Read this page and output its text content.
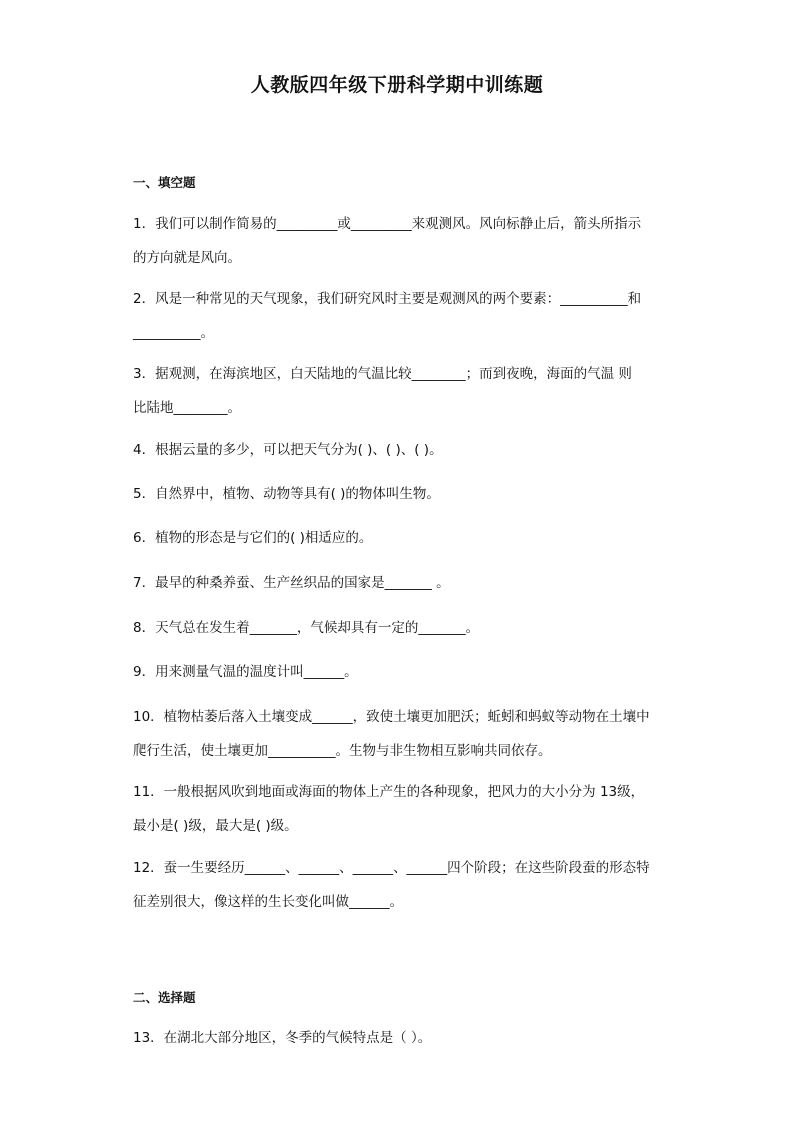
人教版四年级下册科学期中训练题
一、填空题
1．我们可以制作简易的_________或_________来观测风。风向标静止后，箭头所指示
的方向就是风向。
2．风是一种常见的天气现象，我们研究风时主要是观测风的两个要素：__________和
__________。
3．据观测，在海滨地区，白天陆地的气温比较________；而到夜晚，海面的气温 则
比陆地________。
4．根据云量的多少，可以把天气分为( )、( )、( )。
5．自然界中，植物、动物等具有( )的物体叫生物。
6．植物的形态是与它们的( )相适应的。
7．最早的种桑养蚕、生产丝织品的国家是_______ 。
8．天气总在发生着_______，气候却具有一定的_______。
9．用来测量气温的温度计叫______。
10．植物枯萎后落入土壤变成______，致使土壤更加肥沃；蚯蚓和蚂蚁等动物在土壤中
爬行生活，使土壤更加__________。生物与非生物相互影响共同依存。
11．一般根据风吹到地面或海面的物体上产生的各种现象，把风力的大小分为 13级，
最小是( )级，最大是( )级。
12．蚕一生要经历______、______、______、______四个阶段；在这些阶段蚕的形态特
征差别很大，像这样的生长变化叫做______。
二、选择题
13．在湖北大部分地区，冬季的气候特点是（ ）。
